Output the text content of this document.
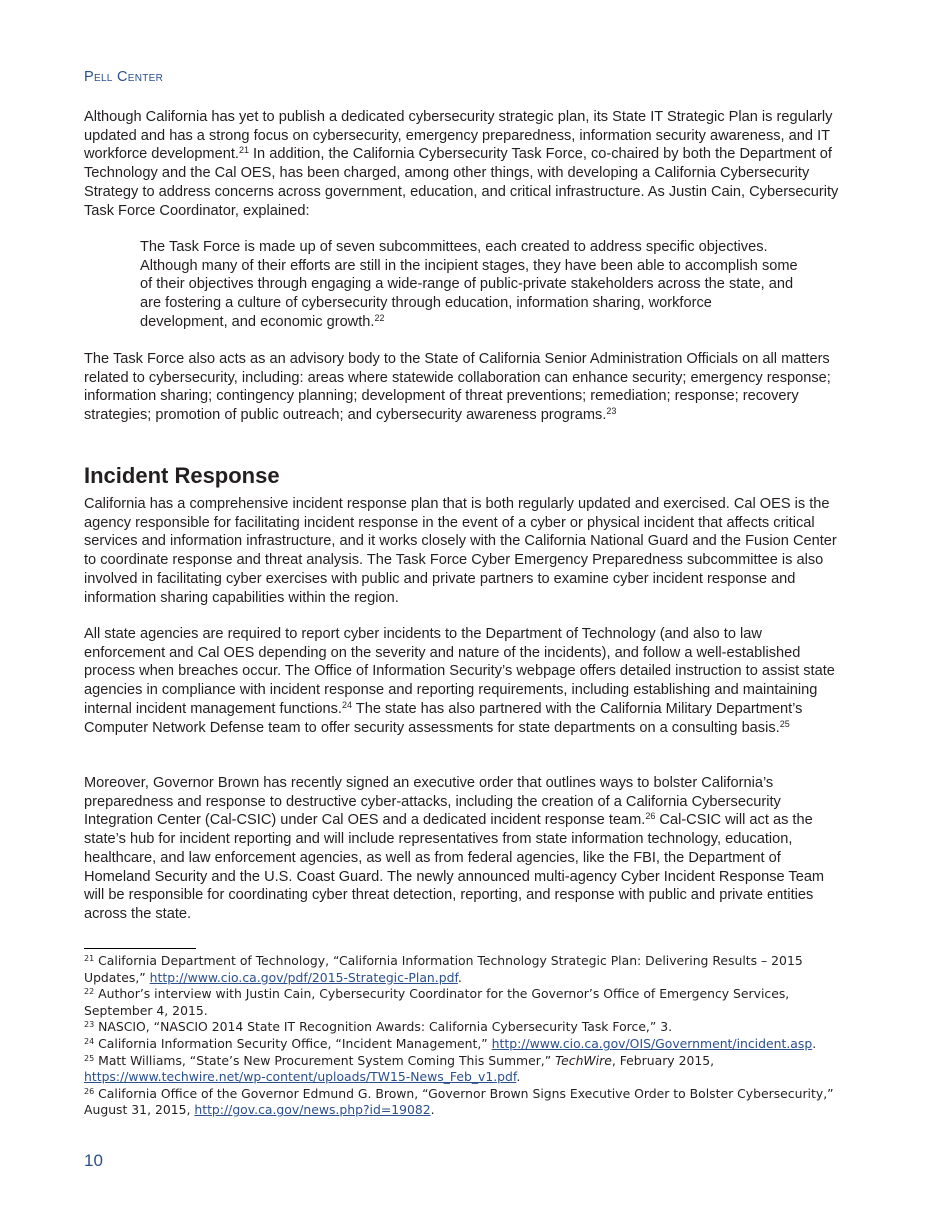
Pell Center

Although California has yet to publish a dedicated cybersecurity strategic plan, its State IT Strategic Plan is regularly updated and has a strong focus on cybersecurity, emergency preparedness, information security awareness, and IT workforce development.$^{21}$ In addition, the California Cybersecurity Task Force, co-chaired by both the Department of Technology and the Cal OES, has been charged, among other things, with developing a California Cybersecurity Strategy to address concerns across government, education, and critical infrastructure. As Justin Cain, Cybersecurity Task Force Coordinator, explained:

The Task Force is made up of seven subcommittees, each created to address specific objectives. Although many of their efforts are still in the incipient stages, they have been able to accomplish some of their objectives through engaging a wide-range of public-private stakeholders across the state, and are fostering a culture of cybersecurity through education, information sharing, workforce development, and economic growth.$^{22}$

The Task Force also acts as an advisory body to the State of California Senior Administration Officials on all matters related to cybersecurity, including: areas where statewide collaboration can enhance security; emergency response; information sharing; contingency planning; development of threat preventions; remediation; response; recovery strategies; promotion of public outreach; and cybersecurity awareness programs.$^{23}$

Incident Response

California has a comprehensive incident response plan that is both regularly updated and exercised. Cal OES is the agency responsible for facilitating incident response in the event of a cyber or physical incident that affects critical services and information infrastructure, and it works closely with the California National Guard and the Fusion Center to coordinate response and threat analysis. The Task Force Cyber Emergency Preparedness subcommittee is also involved in facilitating cyber exercises with public and private partners to examine cyber incident response and information sharing capabilities within the region.

All state agencies are required to report cyber incidents to the Department of Technology (and also to law enforcement and Cal OES depending on the severity and nature of the incidents), and follow a well-established process when breaches occur. The Office of Information Security’s webpage offers detailed instruction to assist state agencies in compliance with incident response and reporting requirements, including establishing and maintaining internal incident management functions.$^{24}$ The state has also partnered with the California Military Department’s Computer Network Defense team to offer security assessments for state departments on a consulting basis.$^{25}$

Moreover, Governor Brown has recently signed an executive order that outlines ways to bolster California’s preparedness and response to destructive cyber-attacks, including the creation of a California Cybersecurity Integration Center (Cal-CSIC) under Cal OES and a dedicated incident response team.$^{26}$ Cal-CSIC will act as the state’s hub for incident reporting and will include representatives from state information technology, education, healthcare, and law enforcement agencies, as well as from federal agencies, like the FBI, the Department of Homeland Security and the U.S. Coast Guard. The newly announced multi-agency Cyber Incident Response Team will be responsible for coordinating cyber threat detection, reporting, and response with public and private entities across the state.

$^{21}$ California Department of Technology, “California Information Technology Strategic Plan: Delivering Results – 2015 Updates,” http://www.cio.ca.gov/pdf/2015-Strategic-Plan.pdf.

$^{22}$ Author’s interview with Justin Cain, Cybersecurity Coordinator for the Governor’s Office of Emergency Services, September 4, 2015.

$^{23}$ NASCIO, “NASCIO 2014 State IT Recognition Awards: California Cybersecurity Task Force,” 3.

$^{24}$ California Information Security Office, “Incident Management,” http://www.cio.ca.gov/OIS/Government/incident.asp.

$^{25}$ Matt Williams, “State’s New Procurement System Coming This Summer,” TechWire, February 2015, https://www.techwire.net/wp-content/uploads/TW15-News_Feb_v1.pdf.

$^{26}$ California Office of the Governor Edmund G. Brown, “Governor Brown Signs Executive Order to Bolster Cybersecurity,” August 31, 2015, http://gov.ca.gov/news.php?id=19082.

10
